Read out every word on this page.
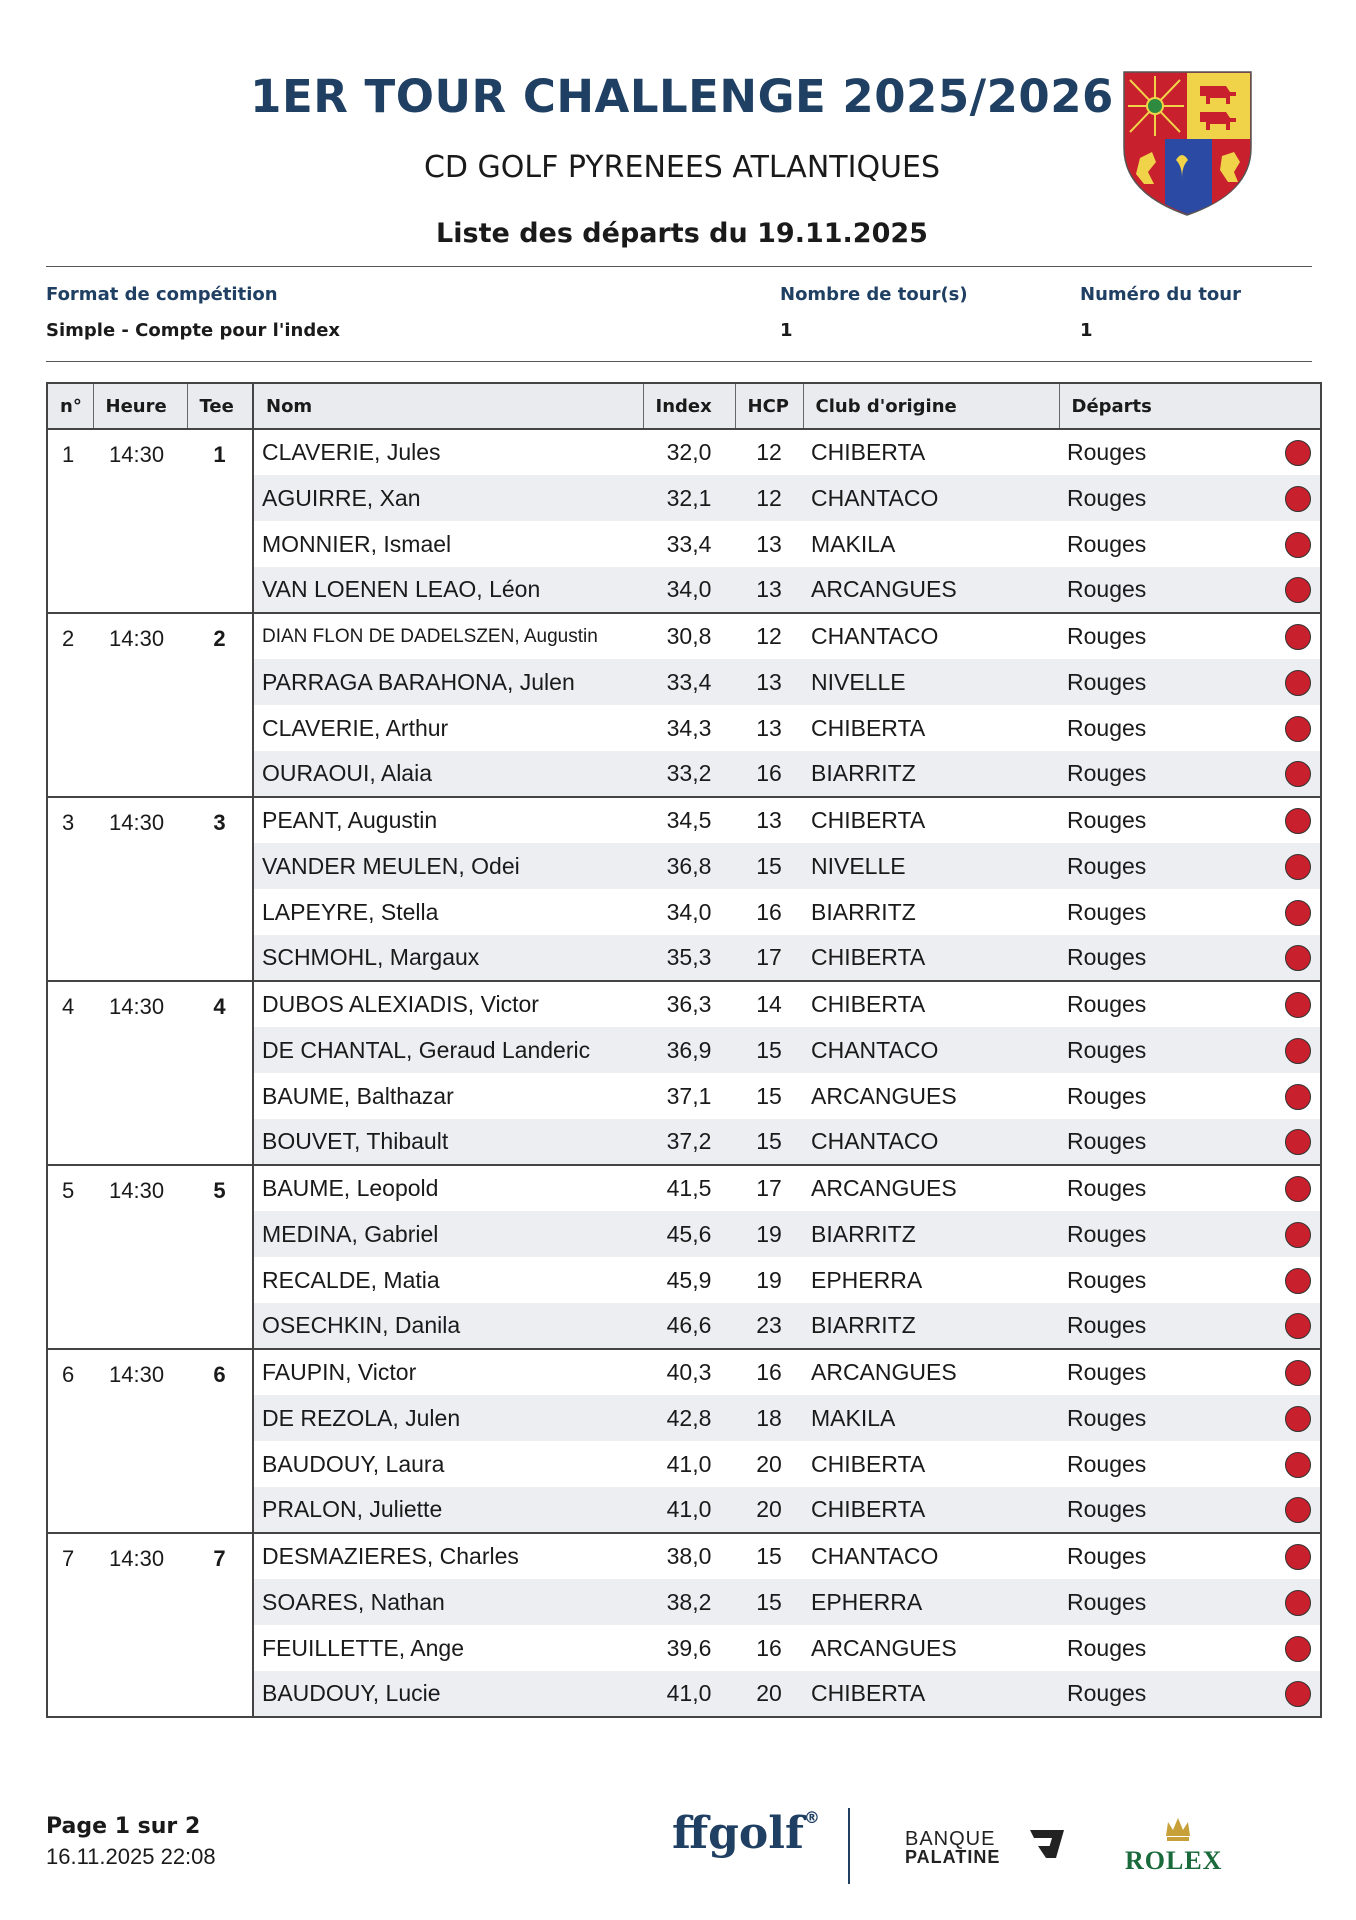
1ER TOUR CHALLENGE 2025/2026
CD GOLF PYRENEES ATLANTIQUES
Liste des départs du 19.11.2025
Format de compétition
Simple - Compte pour l'index
Nombre de tour(s)
1
Numéro du tour
1
n°	Heure	Tee	Nom	Index	HCP	Club d'origine	Départs	
1	14:30	1	CLAVERIE, Jules	32,0	12	CHIBERTA	Rouges	
			AGUIRRE, Xan	32,1	12	CHANTACO	Rouges	
			MONNIER, Ismael	33,4	13	MAKILA	Rouges	
			VAN LOENEN LEAO, Léon	34,0	13	ARCANGUES	Rouges	
2	14:30	2	DIAN FLON DE DADELSZEN, Augustin	30,8	12	CHANTACO	Rouges	
			PARRAGA BARAHONA, Julen	33,4	13	NIVELLE	Rouges	
			CLAVERIE, Arthur	34,3	13	CHIBERTA	Rouges	
			OURAOUI, Alaia	33,2	16	BIARRITZ	Rouges	
3	14:30	3	PEANT, Augustin	34,5	13	CHIBERTA	Rouges	
			VANDER MEULEN, Odei	36,8	15	NIVELLE	Rouges	
			LAPEYRE, Stella	34,0	16	BIARRITZ	Rouges	
			SCHMOHL, Margaux	35,3	17	CHIBERTA	Rouges	
4	14:30	4	DUBOS ALEXIADIS, Victor	36,3	14	CHIBERTA	Rouges	
			DE CHANTAL, Geraud Landeric	36,9	15	CHANTACO	Rouges	
			BAUME, Balthazar	37,1	15	ARCANGUES	Rouges	
			BOUVET, Thibault	37,2	15	CHANTACO	Rouges	
5	14:30	5	BAUME, Leopold	41,5	17	ARCANGUES	Rouges	
			MEDINA, Gabriel	45,6	19	BIARRITZ	Rouges	
			RECALDE, Matia	45,9	19	EPHERRA	Rouges	
			OSECHKIN, Danila	46,6	23	BIARRITZ	Rouges	
6	14:30	6	FAUPIN, Victor	40,3	16	ARCANGUES	Rouges	
			DE REZOLA, Julen	42,8	18	MAKILA	Rouges	
			BAUDOUY, Laura	41,0	20	CHIBERTA	Rouges	
			PRALON, Juliette	41,0	20	CHIBERTA	Rouges	
7	14:30	7	DESMAZIERES, Charles	38,0	15	CHANTACO	Rouges	
			SOARES, Nathan	38,2	15	EPHERRA	Rouges	
			FEUILLETTE, Ange	39,6	16	ARCANGUES	Rouges	
			BAUDOUY, Lucie	41,0	20	CHIBERTA	Rouges	
Page 1 sur 2
16.11.2025 22:08	ffgolf®
BANQUE
PALATINE	ROLEX
